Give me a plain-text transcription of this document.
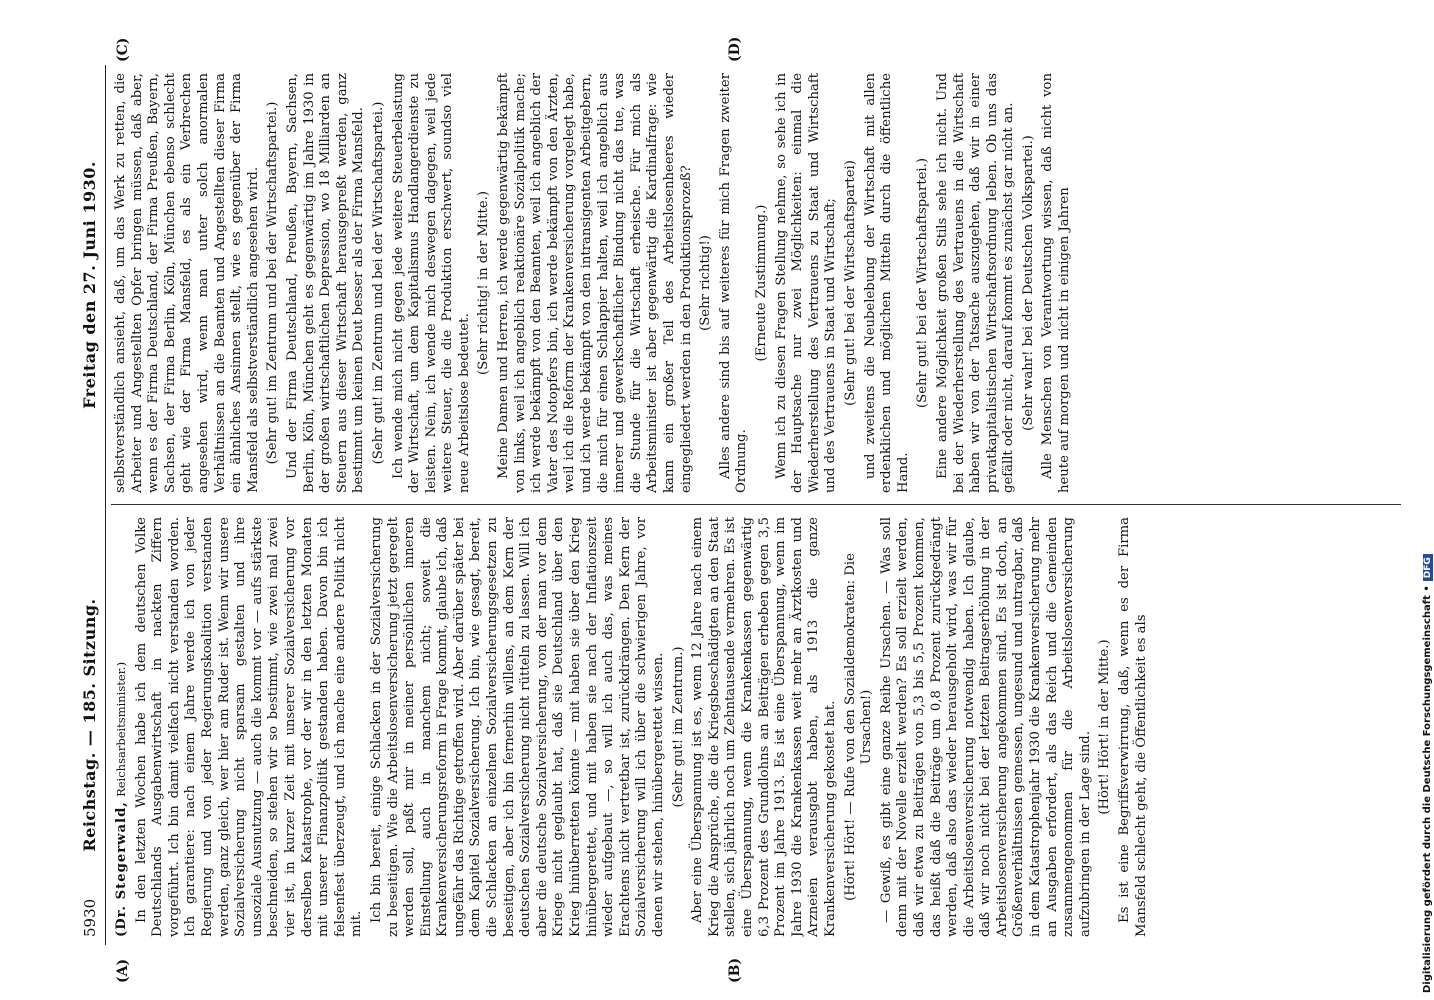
5930
Reichstag. — 185. Sitzung.
Freitag den 27. Juni 1930.
(A)	(B)
(C)	(D)

(Dr. Stegerwald, Reichsarbeitsminister.) In den letzten Wochen habe ich dem deutschen Volke Deutschlands Ausgabenwirtschaft in nackten Ziffern vorgeführt. Ich bin damit vielfach nicht verstanden worden. Ich garantiere: nach einem Jahre werde ich von jeder Regierung und von jeder Regierungskoalition verstanden werden, ganz gleich, wer hier am Ruder ist. Wenn wir unsere Sozialversicherung nicht sparsam gestalten und ihre unsoziale Ausnutzung — auch die kommt vor — aufs stärkste beschneiden, so stehen wir so bestimmt, wie zwei mal zwei vier ist, in kurzer Zeit mit unserer Sozialversicherung vor derselben Katastrophe, vor der wir in den letzten Monaten mit unserer Finanzpolitik gestanden haben. Davon bin ich felsenfest überzeugt, und ich mache eine andere Politik nicht mit.

Ich bin bereit, einige Schlacken in der Sozialversicherung zu beseitigen. Wie die Arbeitslosenversicherung jetzt geregelt werden soll, paßt mir in meiner persönlichen inneren Einstellung auch in manchem nicht; soweit die Krankenversicherungsreform in Frage kommt, glaube ich, daß ungefähr das Richtige getroffen wird. Aber darüber später bei dem Kapitel Sozialversicherung. Ich bin, wie gesagt, bereit, die Schlacken an einzelnen Sozialversicherungsgesetzen zu beseitigen, aber ich bin fernerhin willens, an dem Kern der deutschen Sozialversicherung nicht rütteln zu lassen. Will ich aber die deutsche Sozialversicherung, von der man vor dem Kriege nicht geglaubt hat, daß sie Deutschland über den Krieg hinüberretten könnte — mit haben sie über den Krieg hinübergerettet, und mit haben sie nach der Inflationszeit wieder aufgebaut —, so will ich auch das, was meines Erachtens nicht vertretbar ist, zurückdrängen. Den Kern der Sozialversicherung will ich über die schwierigen Jahre, vor denen wir stehen, hinübergerettet wissen. (Sehr gut! im Zentrum.) Aber eine Überspannung ist es, wenn 12 Jahre nach einem Krieg die Ansprüche, die die Kriegsbeschädigten an den Staat stellen, sich jährlich noch um Zehntausende vermehren. Es ist eine Überspannung, wenn die Krankenkassen gegenwärtig 6,3 Prozent des Grundlohns an Beiträgen erheben gegen 3,5 Prozent im Jahre 1913. Es ist eine Überspannung, wenn im Jahre 1930 die Krankenkassen weit mehr an Ärztkosten und Arzneien verausgabt haben, als 1913 die ganze Krankenversicherung gekostet hat. (Hört! Hört! — Rufe von den Sozialdemokraten: Die Ursachen!) — Gewiß, es gibt eine ganze Reihe Ursachen. — Was soll denn mit der Novelle erzielt werden? Es soll erzielt werden, daß wir etwa zu Beiträgen von 5,3 bis 5,5 Prozent kommen, das heißt daß die Beiträge um 0,8 Prozent zurückgedrängt werden, daß also das wieder herausgeholt wird, was wir für die Arbeitslosenversicherung notwendig haben. Ich glaube, daß wir noch nicht bei der letzten Beitragserhöhung in der Arbeitslosenversicherung angekommen sind. Es ist doch, an Größenverhältnissen gemessen, ungesund und untragbar, daß in dem Katastrophenjahr 1930 die Krankenversicherung mehr an Ausgaben erfordert, als das Reich und die Gemeinden zusammengenommen für die Arbeitslosenversicherung aufzubringen in der Lage sind.

(Hört! Hört! in der Mitte.) Es ist eine Begriffsverwirrung, daß, wenn es der Firma Mansfeld schlecht geht, die Öffentlichkeit es als

selbstverständlich ansieht, daß, um das Werk zu retten, die Arbeiter und Angestellten Opfer bringen müssen, daß aber, wenn es der Firma Deutschland, der Firma Preußen, Bayern, Sachsen, der Firma Berlin, Köln, München ebenso schlecht geht wie der Firma Mansfeld, es als ein Verbrechen angesehen wird, wenn man unter solch anormalen Verhältnissen an die Beamten und Angestellten dieser Firma ein ähnliches Ansinnen stellt, wie es gegenüber der Firma Mansfeld als selbstverständlich angesehen wird. (Sehr gut! im Zentrum und bei der Wirtschaftspartei.) Und der Firma Deutschland, Preußen, Bayern, Sachsen, Berlin, Köln, München geht es gegenwärtig im Jahre 1930 in der großen wirtschaftlichen Depression, wo 18 Milliarden an Steuern aus dieser Wirtschaft herausgepreßt werden, ganz bestimmt um keinen Deut besser als der Firma Mansfeld. (Sehr gut! im Zentrum und bei der Wirtschaftspartei.) Ich wende mich nicht gegen jede weitere Steuerbelastung der Wirtschaft, um dem Kapitalismus Handlangerdienste zu leisten. Nein, ich wende mich deswegen dagegen, weil jede weitere Steuer, die die Produktion erschwert, soundso viel neue Arbeitslose bedeutet.

(Sehr richtig! in der Mitte.) Meine Damen und Herren, ich werde gegenwärtig bekämpft von links, weil ich angeblich reaktionäre Sozialpolitik mache; ich werde bekämpft von den Beamten, weil ich angeblich der Vater des Notopfers bin, ich werde bekämpft von den Ärzten, weil ich die Reform der Krankenversicherung vorgelegt habe, und ich werde bekämpft von den intransigenten Arbeitgebern, die mich für einen Schlappier halten, weil ich angeblich aus innerer und gewerkschaftlicher Bindung nicht das tue, was die Stunde für die Wirtschaft erheische. Für mich als Arbeitsminister ist aber gegenwärtig die Kardinalfrage: wie kann ein großer Teil des Arbeitslosenheeres wieder eingegliedert werden in den Produktionsprozeß? (Sehr richtig!) Alles andere sind bis auf weiteres für mich Fragen zweiter Ordnung.

(Erneute Zustimmung.) Wenn ich zu diesen Fragen Stellung nehme, so sehe ich in der Hauptsache nur zwei Möglichkeiten: einmal die Wiederherstellung des Vertrauens zu Staat und Wirtschaft und des Vertrauens in Staat und Wirtschaft; (Sehr gut! bei der Wirtschaftspartei) und zweitens die Neubelebung der Wirtschaft mit allen erdenklichen und möglichen Mitteln durch die öffentliche Hand.

(Sehr gut! bei der Wirtschaftspartei.) Eine andere Möglichkeit großen Stils sehe ich nicht. Und bei der Wiederherstellung des Vertrauens in die Wirtschaft haben wir von der Tatsache auszugehen, daß wir in einer privatkapitalistischen Wirtschaftsordnung leben. Ob uns das gefällt oder nicht, darauf kommt es zunächst gar nicht an. (Sehr wahr! bei der Deutschen Volkspartei.) Alle Menschen von Verantwortung wissen, daß nicht von heute auf morgen und nicht in einigen Jahren

Digitalisierung gefördert durch die Deutsche Forschungsgemeinschaft •DFG
